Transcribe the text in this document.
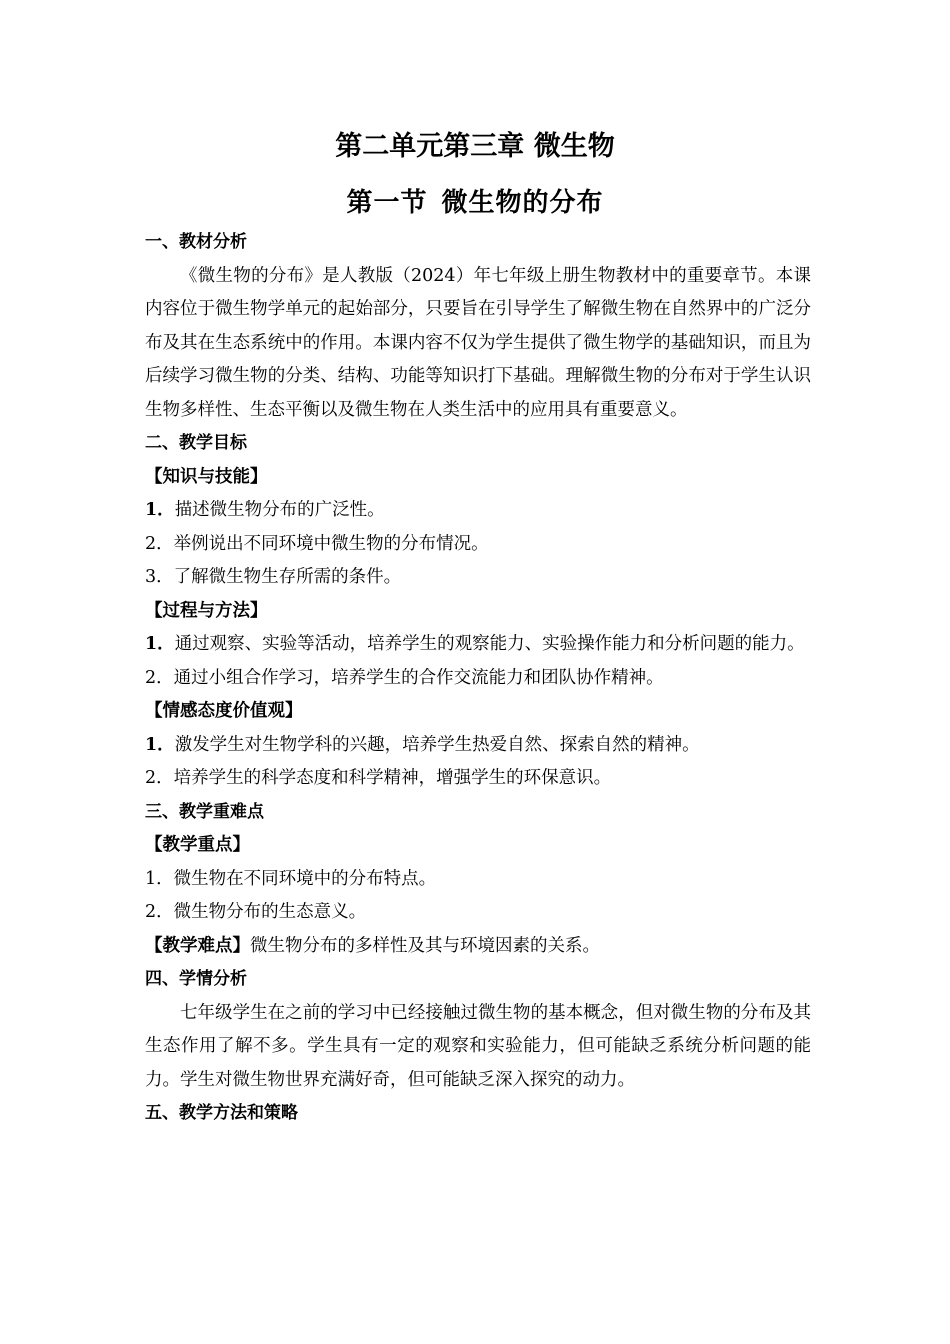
第二单元第三章 微生物
第一节 微生物的分布
一、教材分析
《微生物的分布》是人教版（2024）年七年级上册生物教材中的重要章节。本课内容位于微生物学单元的起始部分，只要旨在引导学生了解微生物在自然界中的广泛分布及其在生态系统中的作用。本课内容不仅为学生提供了微生物学的基础知识，而且为后续学习微生物的分类、结构、功能等知识打下基础。理解微生物的分布对于学生认识生物多样性、生态平衡以及微生物在人类生活中的应用具有重要意义。
二、教学目标
【知识与技能】
1．描述微生物分布的广泛性。
2．举例说出不同环境中微生物的分布情况。
3．了解微生物生存所需的条件。
【过程与方法】
1．通过观察、实验等活动，培养学生的观察能力、实验操作能力和分析问题的能力。
2．通过小组合作学习，培养学生的合作交流能力和团队协作精神。
【情感态度价值观】
1．激发学生对生物学科的兴趣，培养学生热爱自然、探索自然的精神。
2．培养学生的科学态度和科学精神，增强学生的环保意识。
三、教学重难点
【教学重点】
1．微生物在不同环境中的分布特点。
2．微生物分布的生态意义。
【教学难点】微生物分布的多样性及其与环境因素的关系。
四、学情分析
七年级学生在之前的学习中已经接触过微生物的基本概念，但对微生物的分布及其生态作用了解不多。学生具有一定的观察和实验能力，但可能缺乏系统分析问题的能力。学生对微生物世界充满好奇，但可能缺乏深入探究的动力。
五、教学方法和策略
